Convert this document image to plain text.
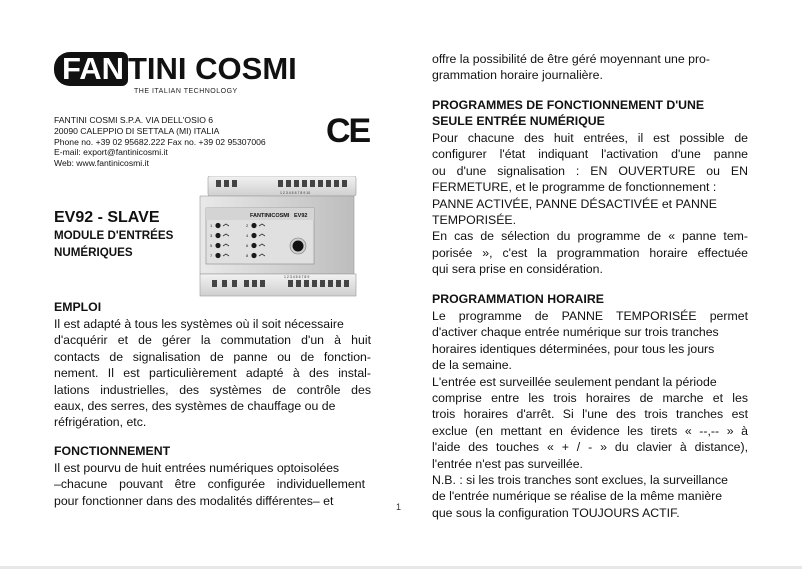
FAN TINI COSMI
THE ITALIAN TECHNOLOGY
FANTINI COSMI S.P.A. VIA DELL'OSIO 6
20090 CALEPPIO DI SETTALA (MI) ITALIA
Phone no. +39 02 95682.222 Fax no. +39 02 95307006
E-mail: export@fantinicosmi.it
Web: www.fantinicosmi.it
CE
1 2 3 4 5 6 7 8 9 10
FANTINICOSMI EV92
1
3
5
7
2
4
6
8
1 2 3 4 5 6 7 8 9
EV92 - SLAVE
MODULE D'ENTRÉES
NUMÉRIQUES
EMPLOI
Il est adapté à tous les systèmes où il soit nécessaire
d'acquérir et de gérer la commutation d'un à huit
contacts de signalisation de panne ou de fonction-
nement. Il est particulièrement adapté à des instal-
lations industrielles, des systèmes de contrôle des
eaux, des serres, des systèmes de chauffage ou de
réfrigération, etc.
FONCTIONNEMENT
Il est pourvu de huit entrées numériques optoisolées
–chacune pouvant être configurée individuellement
pour fonctionner dans des modalités différentes– et
offre la possibilité de être géré moyennant une pro-
grammation horaire journalière.
PROGRAMMES DE FONCTIONNEMENT D'UNE
SEULE ENTRÉE NUMÉRIQUE
Pour chacune des huit entrées, il est possible de
configurer l'état indiquant l'activation d'une panne
ou d'une signalisation : EN OUVERTURE ou EN
FERMETURE, et le programme de fonctionnement :
PANNE ACTIVÉE, PANNE DÉSACTIVÉE et PANNE
TEMPORISÉE.
En cas de sélection du programme de « panne tem-
porisée », c'est la programmation horaire effectuée
qui sera prise en considération.
PROGRAMMATION HORAIRE
Le programme de PANNE TEMPORISÉE permet
d'activer chaque entrée numérique sur trois tranches
horaires identiques déterminées, pour tous les jours
de la semaine.
L'entrée est surveillée seulement pendant la période
comprise entre les trois horaires de marche et les
trois horaires d'arrêt. Si l'une des trois tranches est
exclue (en mettant en évidence les tirets « --,-- » à
l'aide des touches « + / - » du clavier à distance),
l'entrée n'est pas surveillée.
N.B. : si les trois tranches sont exclues, la surveillance
de l'entrée numérique se réalise de la même manière
que sous la configuration TOUJOURS ACTIF.
1
